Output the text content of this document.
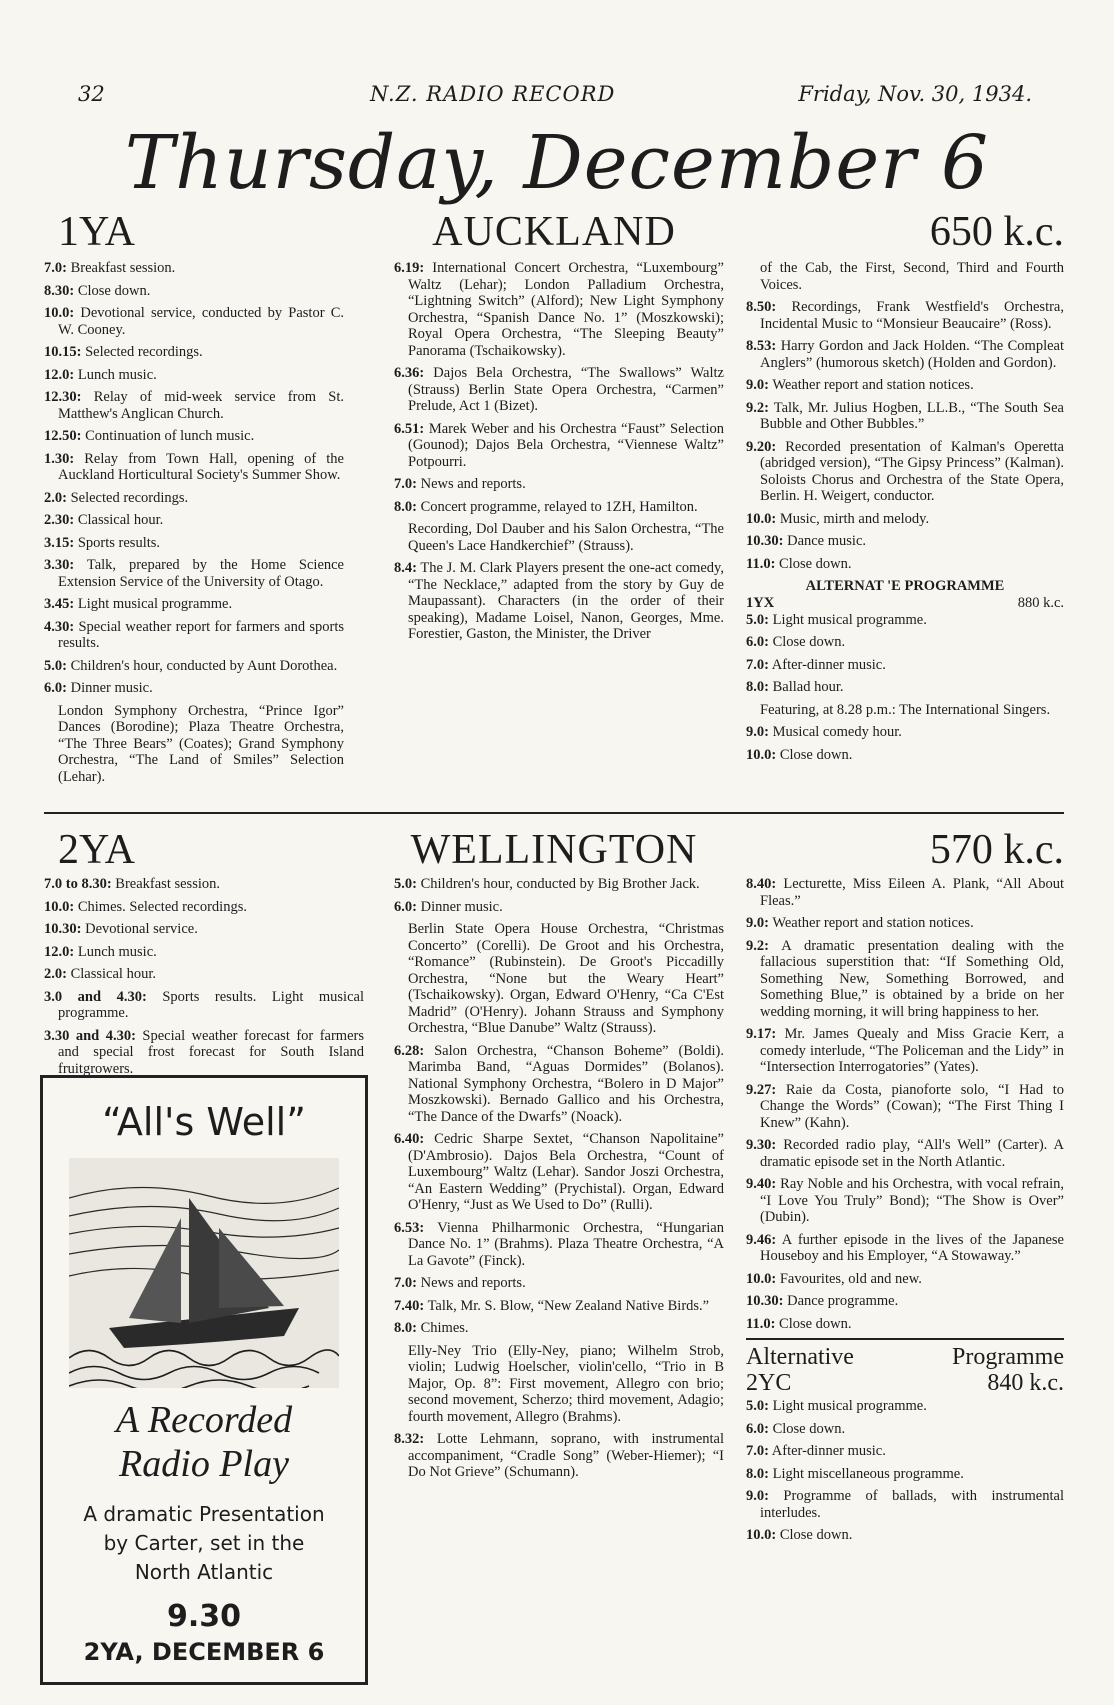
32	N.Z. RADIO RECORD	Friday, Nov. 30, 1934.
Thursday, December 6
1YA	AUCKLAND	650 k.c.

7.0: Breakfast session.

8.30: Close down.

10.0: Devotional service, conducted by Pastor C. W. Cooney.

10.15: Selected recordings.

12.0: Lunch music.

12.30: Relay of mid-week service from St. Matthew's Anglican Church.

12.50: Continuation of lunch music.

1.30: Relay from Town Hall, opening of the Auckland Horticultural Society's Summer Show.

2.0: Selected recordings.

2.30: Classical hour.

3.15: Sports results.

3.30: Talk, prepared by the Home Science Extension Service of the University of Otago.

3.45: Light musical programme.

4.30: Special weather report for farmers and sports results.

5.0: Children's hour, conducted by Aunt Dorothea.

6.0: Dinner music.

London Symphony Orchestra, “Prince Igor” Dances (Borodine); Plaza Theatre Orchestra, “The Three Bears” (Coates); Grand Symphony Orchestra, “The Land of Smiles” Selection (Lehar).

6.19: International Concert Orchestra, “Luxembourg” Waltz (Lehar); London Palladium Orchestra, “Lightning Switch” (Alford); New Light Symphony Orchestra, “Spanish Dance No. 1” (Moszkowski); Royal Opera Orchestra, “The Sleeping Beauty” Panorama (Tschaikowsky).

6.36: Dajos Bela Orchestra, “The Swallows” Waltz (Strauss) Berlin State Opera Orchestra, “Carmen” Prelude, Act 1 (Bizet).

6.51: Marek Weber and his Orchestra “Faust” Selection (Gounod); Dajos Bela Orchestra, “Viennese Waltz” Potpourri.

7.0: News and reports.

8.0: Concert programme, relayed to 1ZH, Hamilton.

Recording, Dol Dauber and his Salon Orchestra, “The Queen's Lace Handkerchief” (Strauss).

8.4: The J. M. Clark Players present the one-act comedy, “The Necklace,” adapted from the story by Guy de Maupassant). Characters (in the order of their speaking), Madame Loisel, Nanon, Georges, Mme. Forestier, Gaston, the Minister, the Driver

of the Cab, the First, Second, Third and Fourth Voices.

8.50: Recordings, Frank Westfield's Orchestra, Incidental Music to “Monsieur Beaucaire” (Ross).

8.53: Harry Gordon and Jack Holden. “The Compleat Anglers” (humorous sketch) (Holden and Gordon).

9.0: Weather report and station notices.

9.2: Talk, Mr. Julius Hogben, LL.B., “The South Sea Bubble and Other Bubbles.”

9.20: Recorded presentation of Kalman's Operetta (abridged version), “The Gipsy Princess” (Kalman). Soloists Chorus and Orchestra of the State Opera, Berlin. H. Weigert, conductor.

10.0: Music, mirth and melody.

10.30: Dance music.

11.0: Close down.

ALTERNAT 'E PROGRAMME
1YX	880 k.c.

5.0: Light musical programme.

6.0: Close down.

7.0: After-dinner music.

8.0: Ballad hour.

Featuring, at 8.28 p.m.: The International Singers.

9.0: Musical comedy hour.

10.0: Close down.

2YA	WELLINGTON	570 k.c.

7.0 to 8.30: Breakfast session.

10.0: Chimes. Selected recordings.

10.30: Devotional service.

12.0: Lunch music.

2.0: Classical hour.

3.0 and 4.30: Sports results. Light musical programme.

3.30 and 4.30: Special weather forecast for farmers and special frost forecast for South Island fruitgrowers.

“All's Well”
A Recorded
Radio Play
A dramatic Presentation
by Carter, set in the
North Atlantic
9.30
2YA, DECEMBER 6

5.0: Children's hour, conducted by Big Brother Jack.

6.0: Dinner music.

Berlin State Opera House Orchestra, “Christmas Concerto” (Corelli). De Groot and his Orchestra, “Romance” (Rubinstein). De Groot's Piccadilly Orchestra, “None but the Weary Heart” (Tschaikowsky). Organ, Edward O'Henry, “Ca C'Est Madrid” (O'Henry). Johann Strauss and Symphony Orchestra, “Blue Danube” Waltz (Strauss).

6.28: Salon Orchestra, “Chanson Boheme” (Boldi). Marimba Band, “Aguas Dormides” (Bolanos). National Symphony Orchestra, “Bolero in D Major” Moszkowski). Bernado Gallico and his Orchestra, “The Dance of the Dwarfs” (Noack).

6.40: Cedric Sharpe Sextet, “Chanson Napolitaine” (D'Ambrosio). Dajos Bela Orchestra, “Count of Luxembourg” Waltz (Lehar). Sandor Joszi Orchestra, “An Eastern Wedding” (Prychistal). Organ, Edward O'Henry, “Just as We Used to Do” (Rulli).

6.53: Vienna Philharmonic Orchestra, “Hungarian Dance No. 1” (Brahms). Plaza Theatre Orchestra, “A La Gavote” (Finck).

7.0: News and reports.

7.40: Talk, Mr. S. Blow, “New Zealand Native Birds.”

8.0: Chimes.

Elly-Ney Trio (Elly-Ney, piano; Wilhelm Strob, violin; Ludwig Hoelscher, violin'cello, “Trio in B Major, Op. 8”: First movement, Allegro con brio; second movement, Scherzo; third movement, Adagio; fourth movement, Allegro (Brahms).

8.32: Lotte Lehmann, soprano, with instrumental accompaniment, “Cradle Song” (Weber-Hiemer); “I Do Not Grieve” (Schumann).

8.40: Lecturette, Miss Eileen A. Plank, “All About Fleas.”

9.0: Weather report and station notices.

9.2: A dramatic presentation dealing with the fallacious superstition that: “If Something Old, Something New, Something Borrowed, and Something Blue,” is obtained by a bride on her wedding morning, it will bring happiness to her.

9.17: Mr. James Quealy and Miss Gracie Kerr, a comedy interlude, “The Policeman and the Lidy” in “Intersection Interrogatories” (Yates).

9.27: Raie da Costa, pianoforte solo, “I Had to Change the Words” (Cowan); “The First Thing I Knew” (Kahn).

9.30: Recorded radio play, “All's Well” (Carter). A dramatic episode set in the North Atlantic.

9.40: Ray Noble and his Orchestra, with vocal refrain, “I Love You Truly” Bond); “The Show is Over” (Dubin).

9.46: A further episode in the lives of the Japanese Houseboy and his Employer, “A Stowaway.”

10.0: Favourites, old and new.

10.30: Dance programme.

11.0: Close down.

Alternative	Programme
2YC	840 k.c.

5.0: Light musical programme.

6.0: Close down.

7.0: After-dinner music.

8.0: Light miscellaneous programme.

9.0: Programme of ballads, with instrumental interludes.

10.0: Close down.
